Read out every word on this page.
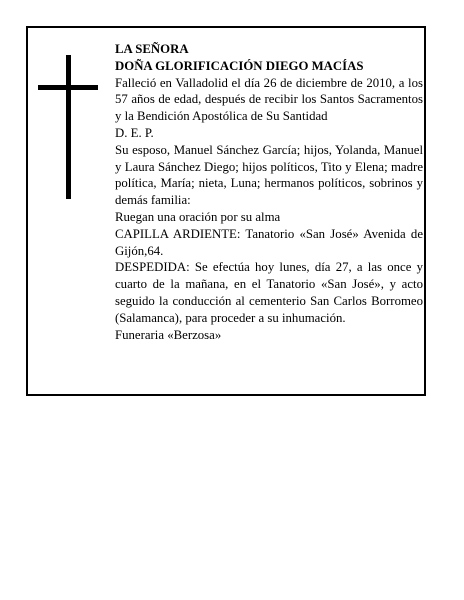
LA SEÑORA

DOÑA GLORIFICACIÓN DIEGO MACÍAS

Falleció en Valladolid el día 26 de diciembre de 2010, a los 57 años de edad, después de recibir los Santos Sacramentos y la Bendición Apostólica de Su Santidad

D. E. P.

Su esposo, Manuel Sánchez García; hijos, Yolanda, Manuel y Laura Sánchez Diego; hijos políticos, Tito y Elena; madre política, María; nieta, Luna; hermanos políticos, sobrinos y demás familia:

Ruegan una oración por su alma

CAPILLA ARDIENTE: Tanatorio «San José» Avenida de Gijón,64.

DESPEDIDA: Se efectúa hoy lunes, día 27, a las once y cuarto de la mañana, en el Tanatorio «San José», y acto seguido la conducción al cementerio San Carlos Borromeo (Salamanca), para proceder a su inhumación.

Funeraria «Berzosa»
